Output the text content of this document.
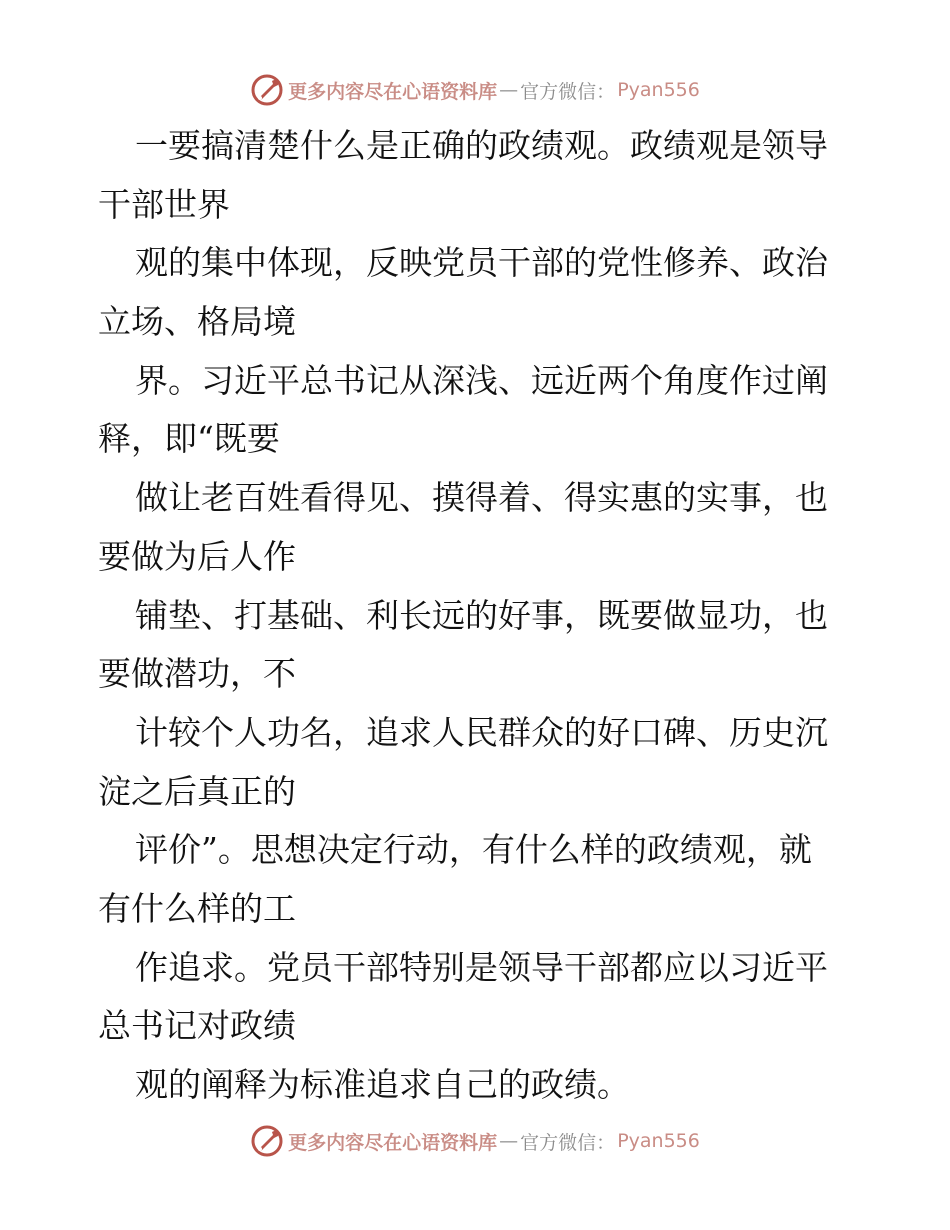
更多内容尽在心语资料库 — 官方微信： Pyan556
一要搞清楚什么是正确的政绩观。政绩观是领导
干部世界
观的集中体现，反映党员干部的党性修养、政治
立场、格局境
界。习近平总书记从深浅、远近两个角度作过阐
释，即“既要
做让老百姓看得见、摸得着、得实惠的实事，也
要做为后人作
铺垫、打基础、利长远的好事，既要做显功，也
要做潜功，不
计较个人功名，追求人民群众的好口碑、历史沉
淀之后真正的
评价”。思想决定行动，有什么样的政绩观，就
有什么样的工
作追求。党员干部特别是领导干部都应以习近平
总书记对政绩
观的阐释为标准追求自己的政绩。
更多内容尽在心语资料库 — 官方微信： Pyan556
